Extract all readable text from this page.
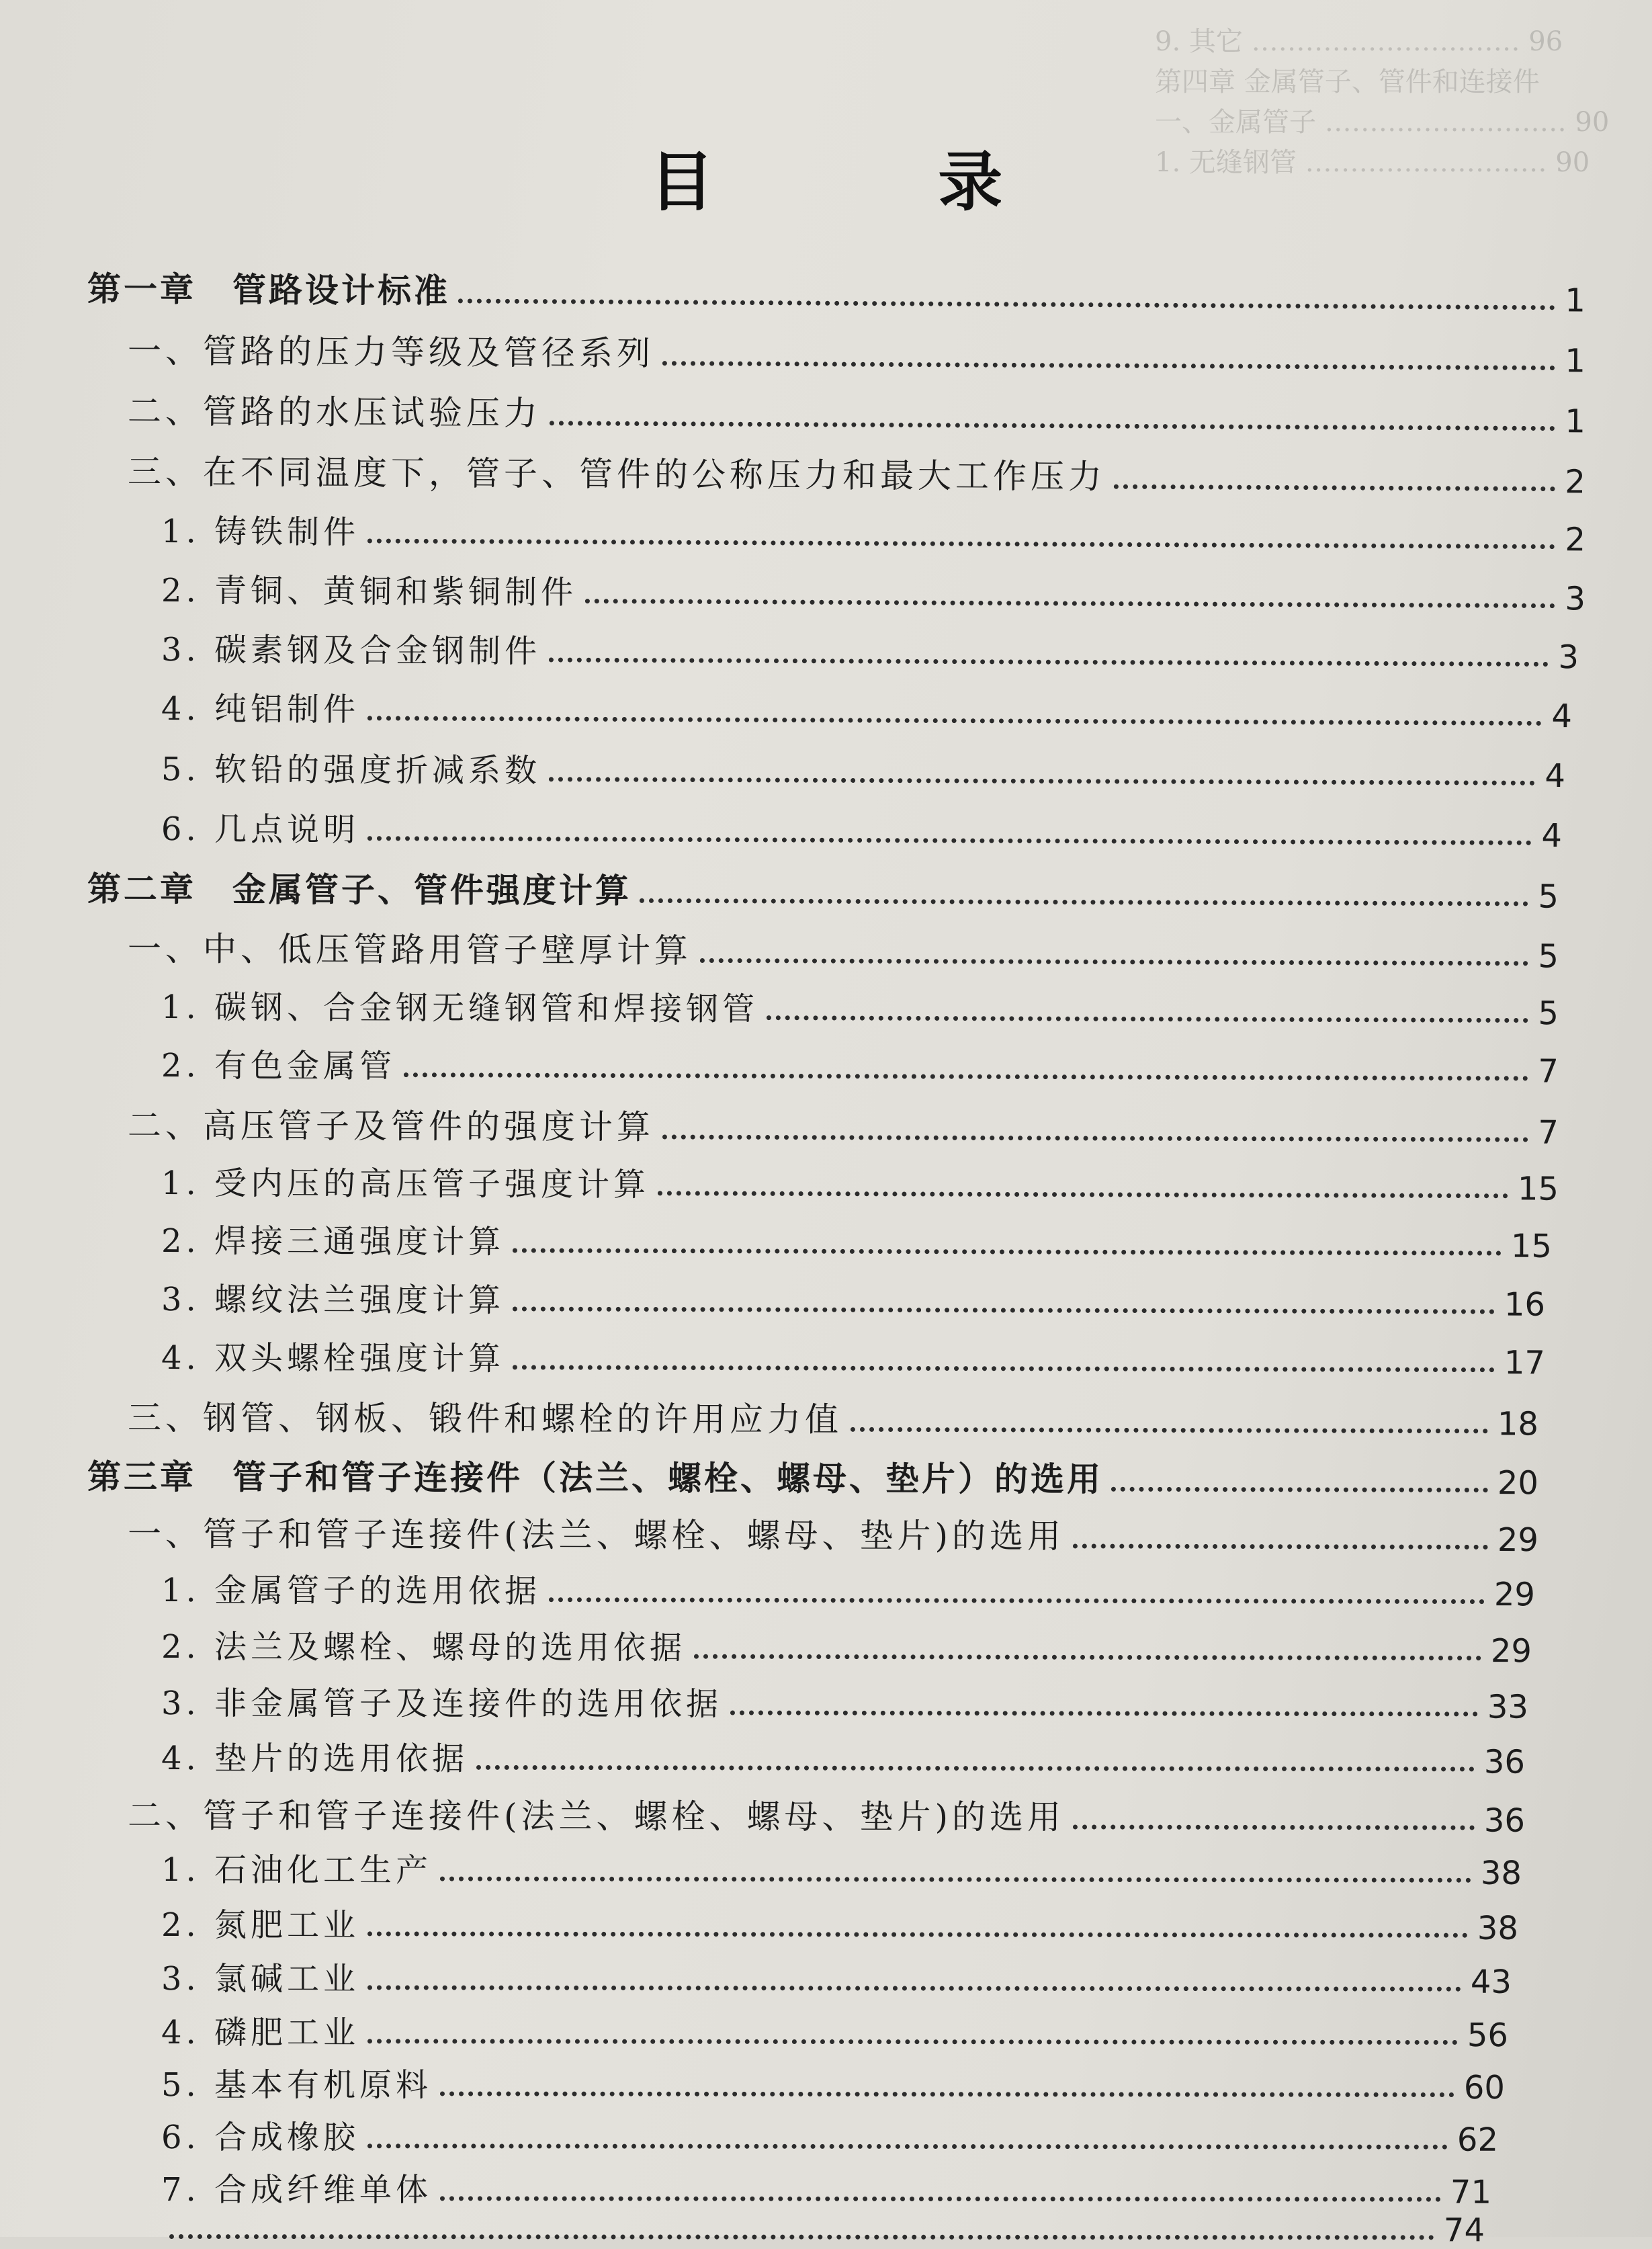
9. 其它 ………………………… 96
第四章 金属管子、管件和连接件
一、金属管子 ……………………… 90
1. 无缝钢管 ……………………… 90
目 录
第一章　管路设计标准	1
一、管路的压力等级及管径系列	1
二、管路的水压试验压力	1
三、在不同温度下，管子、管件的公称压力和最大工作压力	2
1. 铸铁制件	2
2. 青铜、黄铜和紫铜制件	3
3. 碳素钢及合金钢制件	3
4. 纯铝制件	4
5. 软铅的强度折减系数	4
6. 几点说明	4
第二章　金属管子、管件强度计算	5
一、中、低压管路用管子壁厚计算	5
1. 碳钢、合金钢无缝钢管和焊接钢管	5
2. 有色金属管	7
二、高压管子及管件的强度计算	7
1. 受内压的高压管子强度计算	15
2. 焊接三通强度计算	15
3. 螺纹法兰强度计算	16
4. 双头螺栓强度计算	17
三、钢管、钢板、锻件和螺栓的许用应力值	18
第三章　管子和管子连接件（法兰、螺栓、螺母、垫片）的选用	20
一、管子和管子连接件(法兰、螺栓、螺母、垫片)的选用	29
1. 金属管子的选用依据	29
2. 法兰及螺栓、螺母的选用依据	29
3. 非金属管子及连接件的选用依据	33
4. 垫片的选用依据	36
二、管子和管子连接件(法兰、螺栓、螺母、垫片)的选用	36
1. 石油化工生产	38
2. 氮肥工业	38
3. 氯碱工业	43
4. 磷肥工业	56
5. 基本有机原料	60
6. 合成橡胶	62
7. 合成纤维单体	71
74
